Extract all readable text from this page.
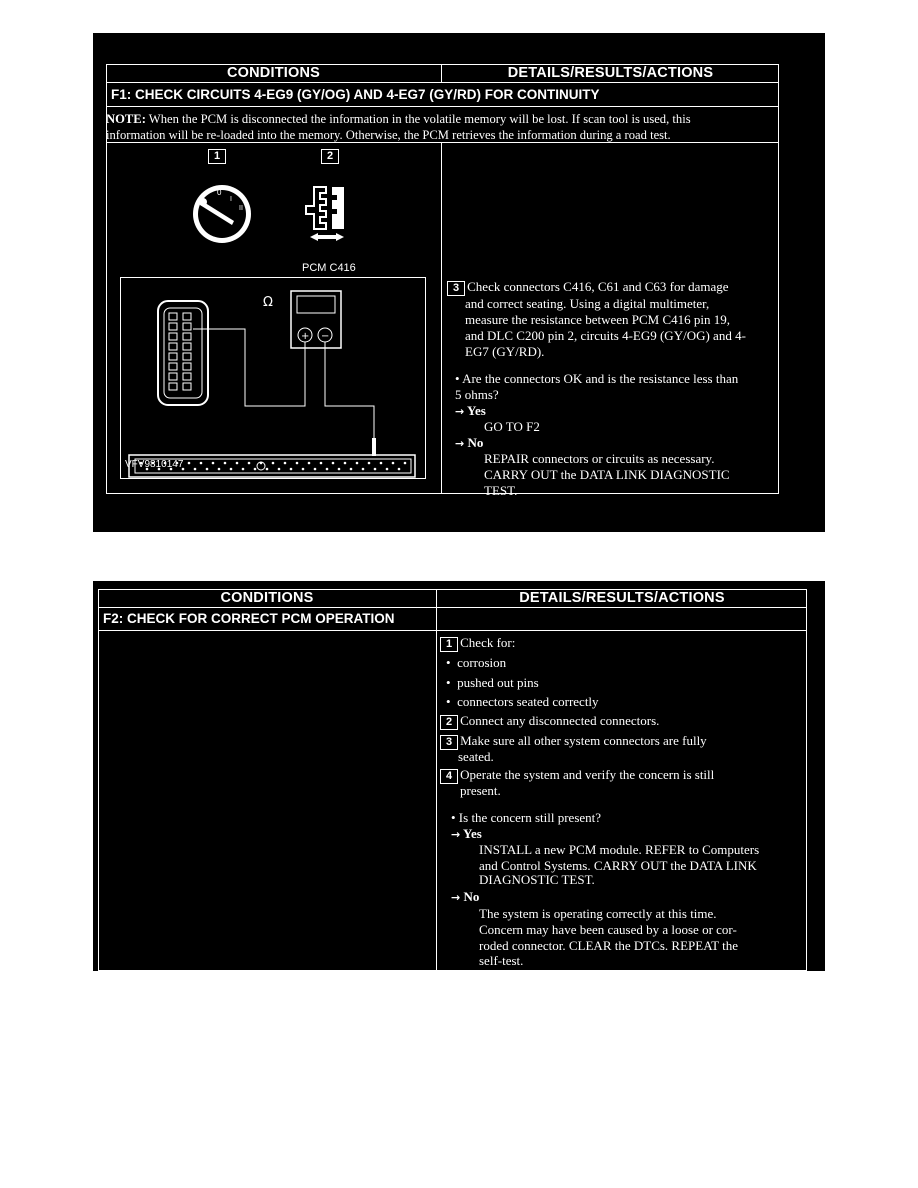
CONDITIONS	DETAILS/RESULTS/ACTIONS
F1: CHECK CIRCUITS 4-EG9 (GY/OG) AND 4-EG7 (GY/RD) FOR CONTINUITY
NOTE: When the PCM is disconnected the information in the volatile memory will be lost. If scan tool is used, this
information will be re-loaded into the memory. Otherwise, the PCM retrieves the information during a road test.
1	2
0
I
II
PCM C416
+ −
Ω
VFV9810147
3 Check connectors C416, C61 and C63 for damage
and correct seating. Using a digital multimeter,
measure the resistance between PCM C416 pin 19,
and DLC C200 pin 2, circuits 4-EG9 (GY/OG) and 4-
EG7 (GY/RD).
• Are the connectors OK and is the resistance less than
5 ohms?
→ Yes
GO TO F2
→ No
REPAIR connectors or circuits as necessary.
CARRY OUT the DATA LINK DIAGNOSTIC
TEST.
CONDITIONS	DETAILS/RESULTS/ACTIONS
F2: CHECK FOR CORRECT PCM OPERATION
1 Check for:
• corrosion
• pushed out pins
• connectors seated correctly
2 Connect any disconnected connectors.
3 Make sure all other system connectors are fully
seated.
4 Operate the system and verify the concern is still
present.
• Is the concern still present?
→ Yes
INSTALL a new PCM module. REFER to Computers
and Control Systems. CARRY OUT the DATA LINK
DIAGNOSTIC TEST.
→ No
The system is operating correctly at this time.
Concern may have been caused by a loose or cor-
roded connector. CLEAR the DTCs. REPEAT the
self-test.
